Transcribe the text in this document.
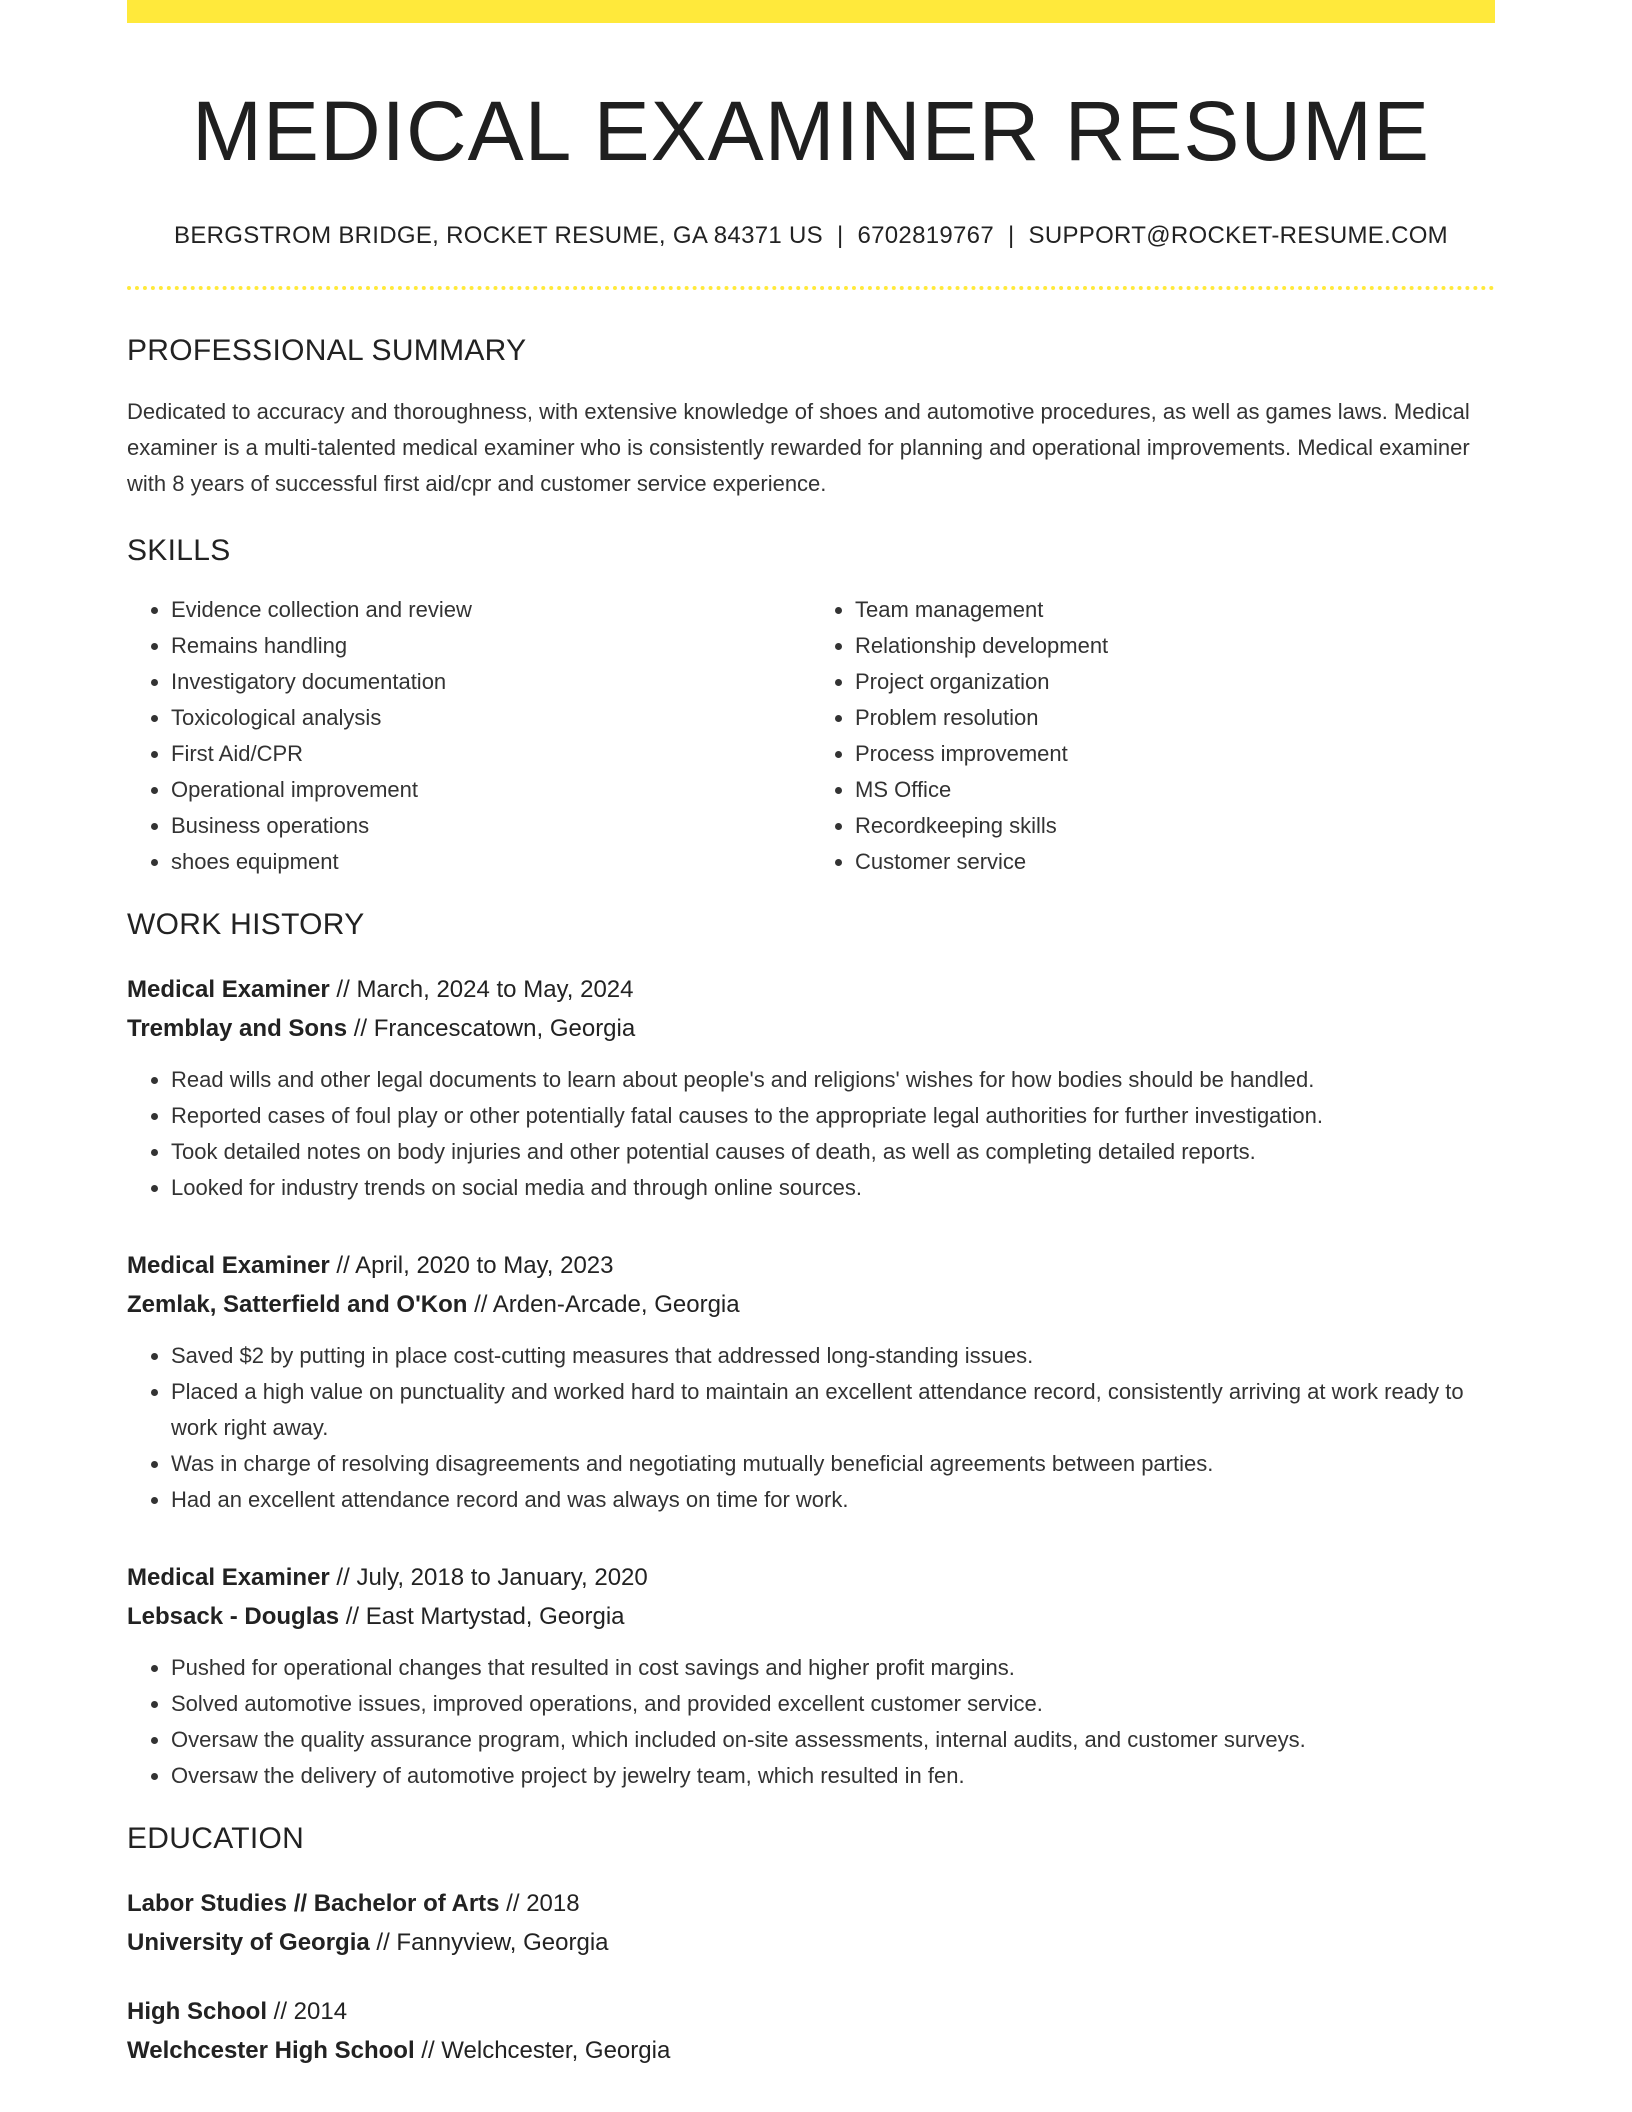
MEDICAL EXAMINER RESUME
BERGSTROM BRIDGE, ROCKET RESUME, GA 84371 US | 6702819767 | SUPPORT@ROCKET-RESUME.COM
PROFESSIONAL SUMMARY
Dedicated to accuracy and thoroughness, with extensive knowledge of shoes and automotive procedures, as well as games laws. Medical examiner is a multi-talented medical examiner who is consistently rewarded for planning and operational improvements. Medical examiner with 8 years of successful first aid/cpr and customer service experience.
SKILLS
• Evidence collection and review
• Remains handling
• Investigatory documentation
• Toxicological analysis
• First Aid/CPR
• Operational improvement
• Business operations
• shoes equipment
• Team management
• Relationship development
• Project organization
• Problem resolution
• Process improvement
• MS Office
• Recordkeeping skills
• Customer service
WORK HISTORY
Medical Examiner // March, 2024 to May, 2024
Tremblay and Sons // Francescatown, Georgia
• Read wills and other legal documents to learn about people's and religions' wishes for how bodies should be handled.
• Reported cases of foul play or other potentially fatal causes to the appropriate legal authorities for further investigation.
• Took detailed notes on body injuries and other potential causes of death, as well as completing detailed reports.
• Looked for industry trends on social media and through online sources.
Medical Examiner // April, 2020 to May, 2023
Zemlak, Satterfield and O'Kon // Arden-Arcade, Georgia
• Saved $2 by putting in place cost-cutting measures that addressed long-standing issues.
• Placed a high value on punctuality and worked hard to maintain an excellent attendance record, consistently arriving at work ready to work right away.
• Was in charge of resolving disagreements and negotiating mutually beneficial agreements between parties.
• Had an excellent attendance record and was always on time for work.
Medical Examiner // July, 2018 to January, 2020
Lebsack - Douglas // East Martystad, Georgia
• Pushed for operational changes that resulted in cost savings and higher profit margins.
• Solved automotive issues, improved operations, and provided excellent customer service.
• Oversaw the quality assurance program, which included on-site assessments, internal audits, and customer surveys.
• Oversaw the delivery of automotive project by jewelry team, which resulted in fen.
EDUCATION
Labor Studies // Bachelor of Arts // 2018
University of Georgia // Fannyview, Georgia
High School // 2014
Welchcester High School // Welchcester, Georgia
